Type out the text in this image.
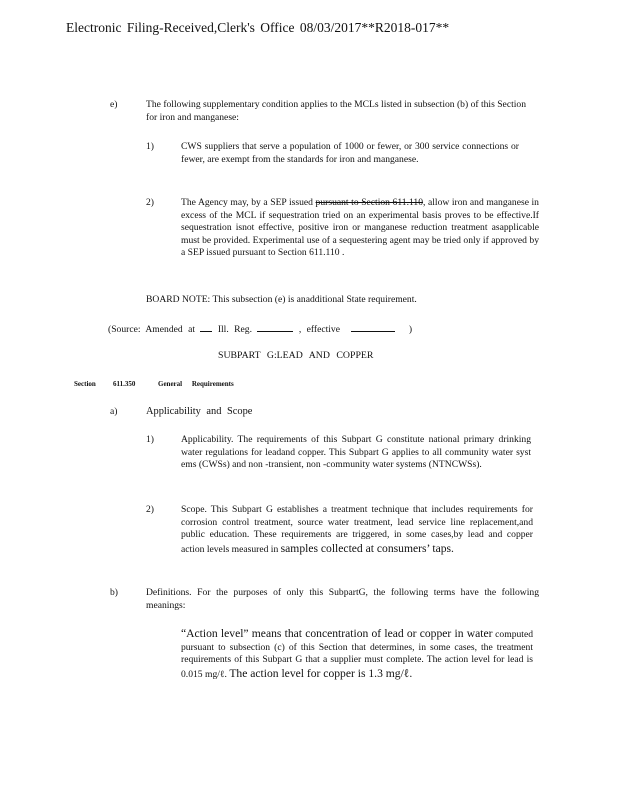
Electronic Filing-Received,Clerk's Office 08/03/2017**R2018-017**
e)	The following supplementary condition applies to the MCLs listed in subsection (b) of this Section for iron and manganese:
1)	CWS suppliers that serve a population of 1000 or fewer, or 300 service connections or fewer, are exempt from the standards for iron and manganese.
2)	The Agency may, by a SEP issued pursuant to Section 611.110, allow iron and manganese in excess of the MCL if sequestration tried on an experimental basis proves to be effective.If sequestration isnot effective, positive iron or manganese reduction treatment asapplicable must be provided. Experimental use of a sequestering agent may be tried only if approved by a SEP issued pursuant to Section 611.110 .
BOARD NOTE: This subsection (e) is anadditional State requirement.
(Source: Amended at Ill. Reg.	, effective	)
SUBPART G:LEAD AND COPPER
Section 611.350	General Requirements
a)	Applicability and Scope
1)	Applicability. The requirements of this Subpart G constitute national primary drinking water regulations for leadand copper. This Subpart G applies to all community water syst ems (CWSs) and non -transient, non -community water systems (NTNCWSs).
2)	Scope. This Subpart G establishes a treatment technique that includes requirements for corrosion control treatment, source water treatment, lead service line replacement,and public education. These requirements are triggered, in some cases,by lead and copper action levels measured in samples collected at consumers’ taps.
b)	Definitions. For the purposes of only this SubpartG, the following terms have the following meanings:
“Action level” means that concentration of lead or copper in water computed pursuant to subsection (c) of this Section that determines, in some cases, the treatment requirements of this Subpart G that a supplier must complete. The action level for lead is 0.015 mg/ℓ. The action level for copper is 1.3 mg/ℓ.
